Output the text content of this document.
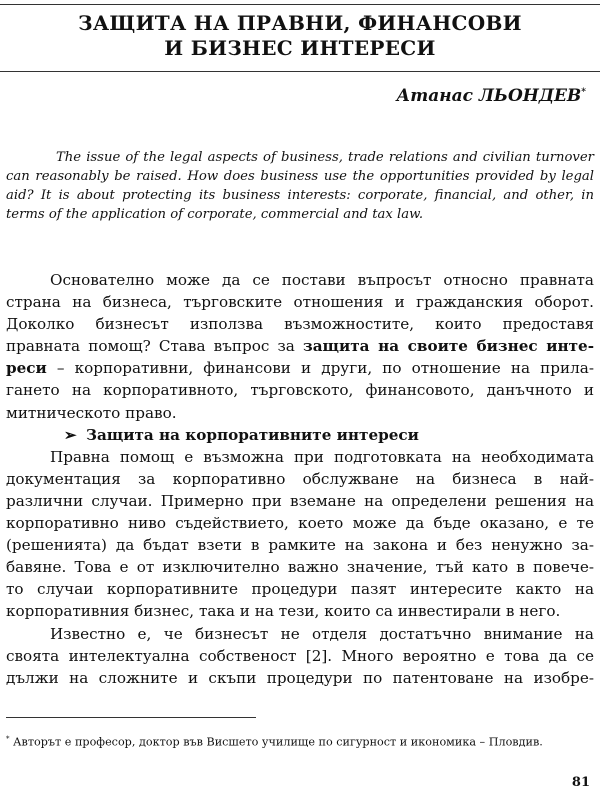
ЗАЩИТА НА ПРАВНИ, ФИНАНСОВИ
И БИЗНЕС ИНТЕРЕСИ
Атанас ЛЬОНДЕВ*
The issue of the legal aspects of business, trade relations and civilian turnover can reasonably be raised. How does business use the opportunities provided by legal aid? It is about protecting its business interests: corporate, financial, and other, in terms of the application of corporate, commercial and tax law.
Основателно може да се постави въпросът относно правната
страна на бизнеса, търговските отношения и гражданския оборот.
Доколко бизнесът използва възможностите, които предоставя
правната помощ? Става въпрос за защита на своите бизнес инте-
реси – корпоративни, финансови и други, по отношение на прила-
гането на корпоративното, търговското, финансовото, данъчното и
митническото право.
➢ Защита на корпоративните интереси
Правна помощ е възможна при подготовката на необходимата
документация за корпоративно обслужване на бизнеса в най-
различни случаи. Примерно при вземане на определени решения на
корпоративно ниво съдействието, което може да бъде оказано, е те
(решенията) да бъдат взети в рамките на закона и без ненужно за-
бавяне. Това е от изключително важно значение, тъй като в повече-
то случаи корпоративните процедури пазят интересите както на
корпоративния бизнес, така и на тези, които са инвестирали в него.
Известно е, че бизнесът не отделя достатъчно внимание на
своята интелектуална собственост [2]. Много вероятно е това да се
дължи на сложните и скъпи процедури по патентоване на изобре-
* Авторът е професор, доктор във Висшето училище по сигурност и икономика – Пловдив.
81
